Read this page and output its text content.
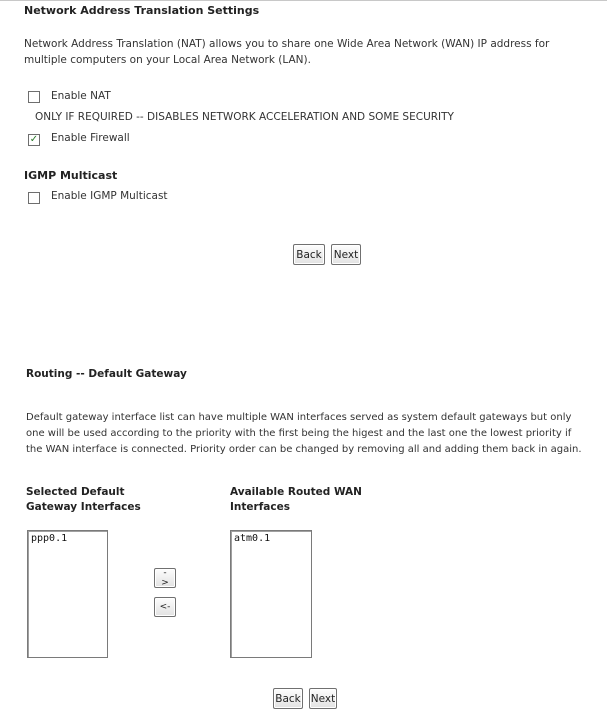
Network Address Translation Settings
Network Address Translation (NAT) allows you to share one Wide Area Network (WAN) IP address for multiple computers on your Local Area Network (LAN).
Enable NAT
ONLY IF REQUIRED -- DISABLES NETWORK ACCELERATION AND SOME SECURITY
✓ Enable Firewall
IGMP Multicast
Enable IGMP Multicast
Back	Next
Routing -- Default Gateway
Default gateway interface list can have multiple WAN interfaces served as system default gateways but only one will be used according to the priority with the first being the higest and the last one the lowest priority if the WAN interface is connected. Priority order can be changed by removing all and adding them back in again.
Selected Default
Gateway Interfaces
Available Routed WAN
Interfaces
ppp0.1	atm0.1
->
<-
Back Next
